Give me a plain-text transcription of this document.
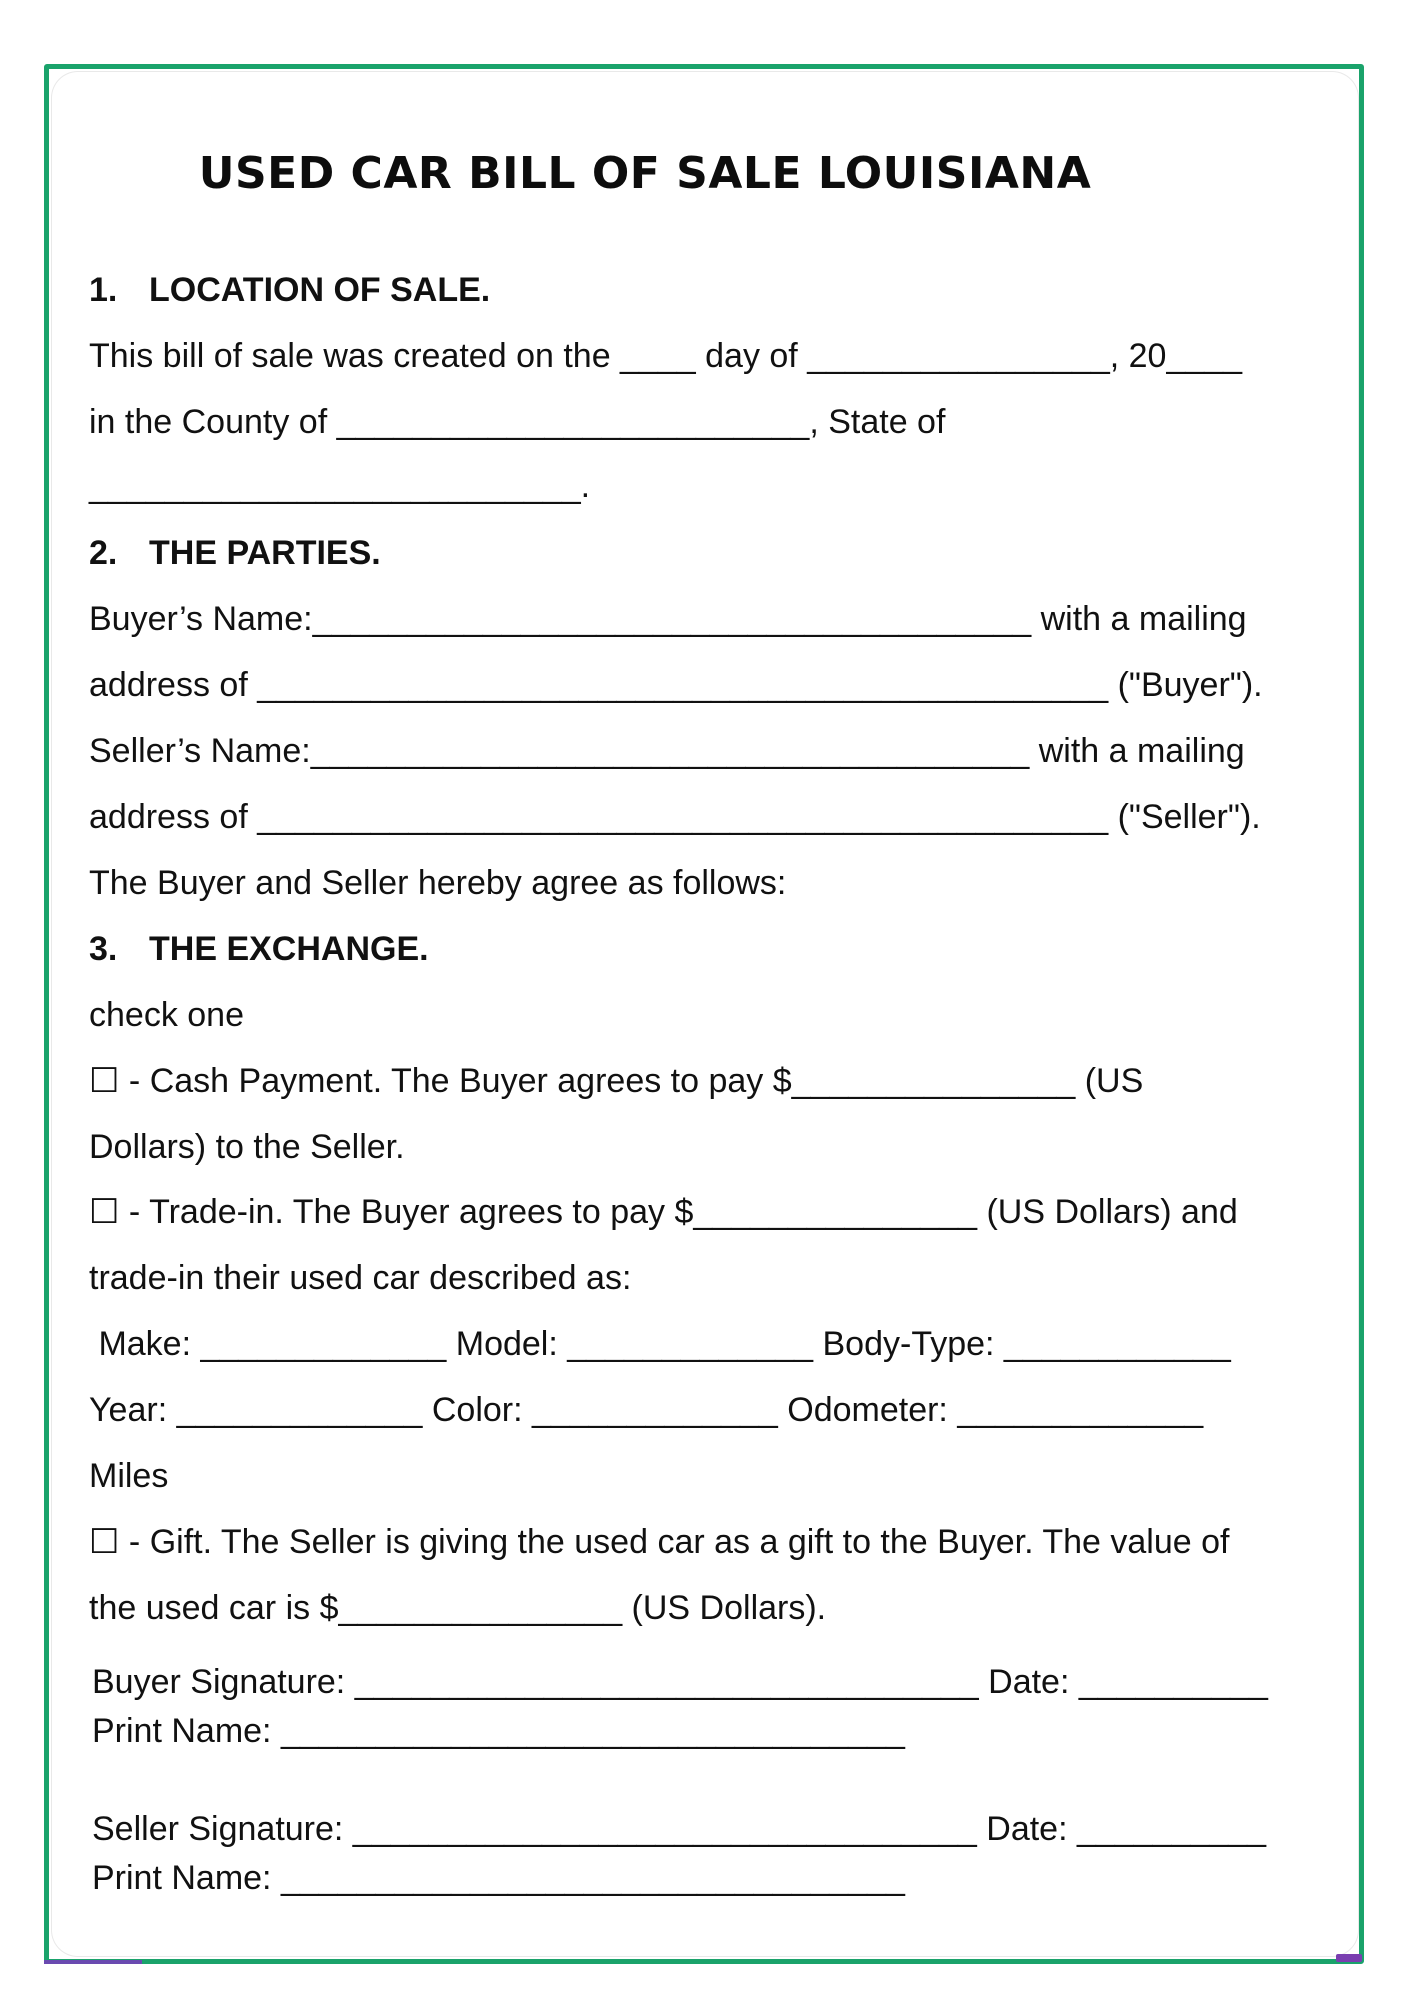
USED CAR BILL OF SALE LOUISIANA
1. LOCATION OF SALE.
This bill of sale was created on the ____ day of ________________, 20____
in the County of _________________________, State of
__________________________.
2. THE PARTIES.
Buyer’s Name:______________________________________ with a mailing
address of _____________________________________________ ("Buyer").
Seller’s Name:______________________________________ with a mailing
address of _____________________________________________ ("Seller").
The Buyer and Seller hereby agree as follows:
3. THE EXCHANGE.
check one
☐ - Cash Payment. The Buyer agrees to pay $_______________ (US
Dollars) to the Seller.
☐ - Trade-in. The Buyer agrees to pay $_______________ (US Dollars) and
trade-in their used car described as:
Make: _____________ Model: _____________ Body-Type: ____________
Year: _____________ Color: _____________ Odometer: _____________
Miles
☐ - Gift. The Seller is giving the used car as a gift to the Buyer. The value of
the used car is $_______________ (US Dollars).
Buyer Signature: _________________________________ Date: __________
Print Name: _________________________________
Seller Signature: _________________________________ Date: __________
Print Name: _________________________________
